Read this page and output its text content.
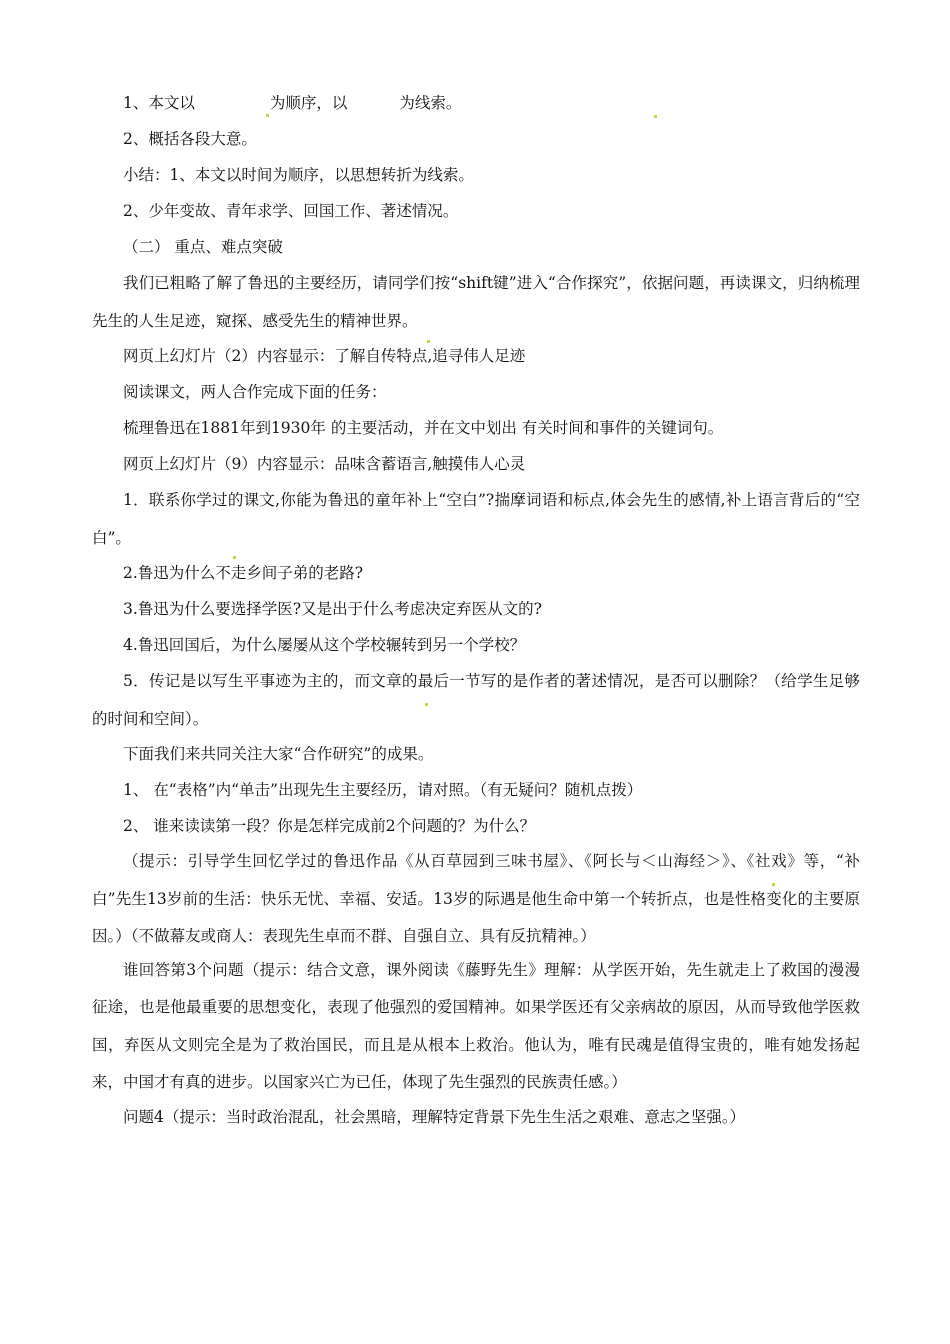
1、本文以	为顺序，以	为线索。

2、概括各段大意。

小结：1、本文以时间为顺序，以思想转折为线索。

2、少年变故、青年求学、回国工作、著述情况。

（二） 重点、难点突破

我们已粗略了解了鲁迅的主要经历，请同学们按“shift键”进入“合作探究”，依据问题，再读课文，归纳梳理先生的人生足迹，窥探、感受先生的精神世界。

网页上幻灯片（2）内容显示：了解自传特点,追寻伟人足迹

阅读课文，两人合作完成下面的任务：

梳理鲁迅在1881年到1930年 的主要活动，并在文中划出 有关时间和事件的关键词句。

网页上幻灯片（9）内容显示：品味含蓄语言,触摸伟人心灵

1．联系你学过的课文,你能为鲁迅的童年补上“空白”?揣摩词语和标点,体会先生的感情,补上语言背后的“空白”。

2.鲁迅为什么不走乡间子弟的老路?

3.鲁迅为什么要选择学医?又是出于什么考虑决定弃医从文的?

4.鲁迅回国后，为什么屡屡从这个学校辗转到另一个学校？

5．传记是以写生平事迹为主的，而文章的最后一节写的是作者的著述情况，是否可以删除？（给学生足够的时间和空间）。

下面我们来共同关注大家“合作研究”的成果。

1、 在“表格”内“单击”出现先生主要经历，请对照。（有无疑问？随机点拨）

2、 谁来读读第一段？你是怎样完成前2个问题的？为什么？

（提示：引导学生回忆学过的鲁迅作品《从百草园到三味书屋》、《阿长与＜山海经＞》、《社戏》等，“补白”先生13岁前的生活：快乐无忧、幸福、安适。13岁的际遇是他生命中第一个转折点，也是性格变化的主要原因。）（不做幕友或商人：表现先生卓而不群、自强自立、具有反抗精神。）

谁回答第3个问题（提示：结合文意，课外阅读《藤野先生》理解：从学医开始，先生就走上了救国的漫漫征途，也是他最重要的思想变化，表现了他强烈的爱国精神。如果学医还有父亲病故的原因，从而导致他学医救国，弃医从文则完全是为了救治国民，而且是从根本上救治。他认为，唯有民魂是值得宝贵的，唯有她发扬起来，中国才有真的进步。以国家兴亡为已任，体现了先生强烈的民族责任感。）

问题4（提示：当时政治混乱，社会黑暗，理解特定背景下先生生活之艰难、意志之坚强。）
